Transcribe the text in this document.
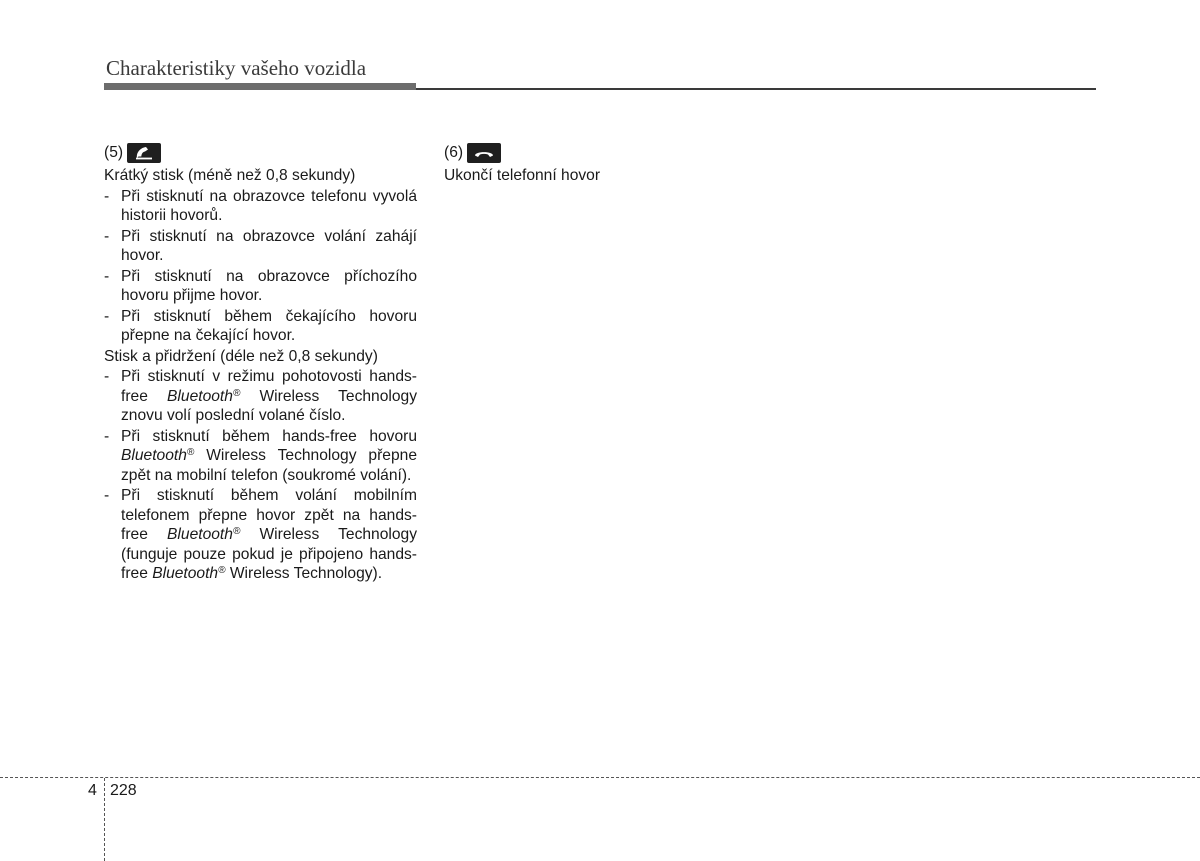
Charakteristiky vašeho vozidla
(5)
Krátký stisk (méně než 0,8 sekundy)
- Při stisknutí na obrazovce telefonu vyvolá historii hovorů.
- Při stisknutí na obrazovce volání zahájí hovor.
- Při stisknutí na obrazovce příchozího hovoru přijme hovor.
- Při stisknutí během čekajícího hovoru přepne na čekající hovor.
Stisk a přidržení (déle než 0,8 sekundy)
- Při stisknutí v režimu pohotovosti hands-free Bluetooth® Wireless Technology znovu volí poslední volané číslo.
- Při stisknutí během hands-free hovoru Bluetooth® Wireless Technology přepne zpět na mobilní telefon (soukromé volání).
- Při stisknutí během volání mobilním telefonem přepne hovor zpět na hands-free Bluetooth® Wireless Technology (funguje pouze pokud je připojeno hands-free Bluetooth® Wireless Technology).
(6)
Ukončí telefonní hovor
4 228
